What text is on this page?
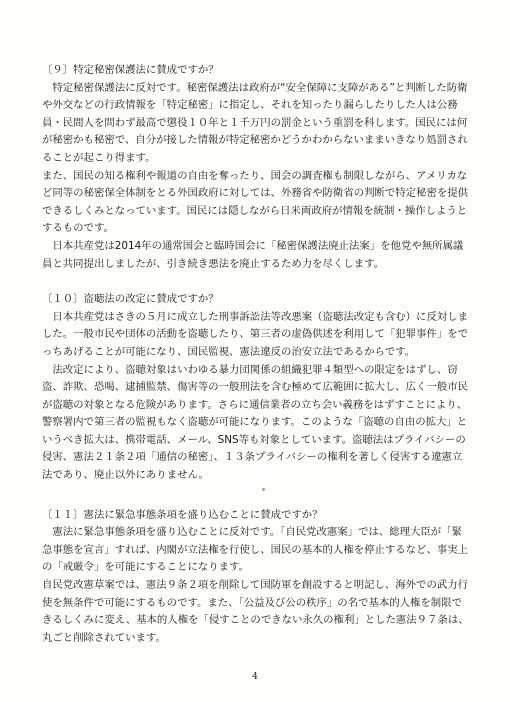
〔９〕特定秘密保護法に賛成ですか？

特定秘密保護法に反対です。秘密保護法は政府が“安全保障に支障がある”と判断した防衛や外交などの行政情報を「特定秘密」に指定し、それを知ったり漏らしたりした人は公務員・民間人を問わず最高で懲役１０年と１千万円の罰金という重罰を科します。国民には何が秘密かも秘密で、自分が接した情報が特定秘密かどうかわからないままいきなり処罰されることが起こり得ます。

また、国民の知る権利や報道の自由を奪ったり、国会の調査権も制限しながら、アメリカなど同等の秘密保全体制をとる外国政府に対しては、外務省や防衛省の判断で特定秘密を提供できるしくみとなっています。国民には隠しながら日米両政府が情報を統制・操作しようとするものです。

日本共産党は2014年の通常国会と臨時国会に「秘密保護法廃止法案」を他党や無所属議員と共同提出しましたが、引き続き悪法を廃止するため力を尽くします。

〔１０〕盗聴法の改定に賛成ですか？

日本共産党はさきの５月に成立した刑事訴訟法等改悪案（盗聴法改定も含む）に反対しました。一般市民や団体の活動を盗聴したり、第三者の虚偽供述を利用して「犯罪事件」をでっちあげることが可能になり、国民監視、憲法違反の治安立法であるからです。

法改定により、盗聴対象はいわゆる暴力団関係の組織犯罪４類型への限定をはずし、窃盗、詐欺、恐喝、逮捕監禁、傷害等の一般刑法を含む極めて広範囲に拡大し、広く一般市民が盗聴の対象となる危険があります。さらに通信業者の立ち会い義務をはずすことにより、警察署内で第三者の監視もなく盗聴が可能になります。このような「盗聴の自由の拡大」というべき拡大は、携帯電話、メール、SNS等も対象としています。盗聴法はプライバシーの侵害、憲法２１条２項「通信の秘密」、１３条プライバシーの権利を著しく侵害する違憲立法であり、廃止以外にありません。

〔１１〕憲法に緊急事態条項を盛り込むことに賛成ですか？

憲法に緊急事態条項を盛り込むことに反対です。「自民党改憲案」では、総理大臣が「緊急事態を宣言」すれば、内閣が立法権を行使し、国民の基本的人権を停止するなど、事実上の「戒厳令」を可能にすることになります。

自民党改憲草案では、憲法９条２項を削除して国防軍を創設すると明記し、海外での武力行使を無条件で可能にするものです。また、「公益及び公の秩序」の名で基本的人権を制限できるしくみに変え、基本的人権を「侵すことのできない永久の権利」とした憲法９７条は、丸ごと削除されています。

4
